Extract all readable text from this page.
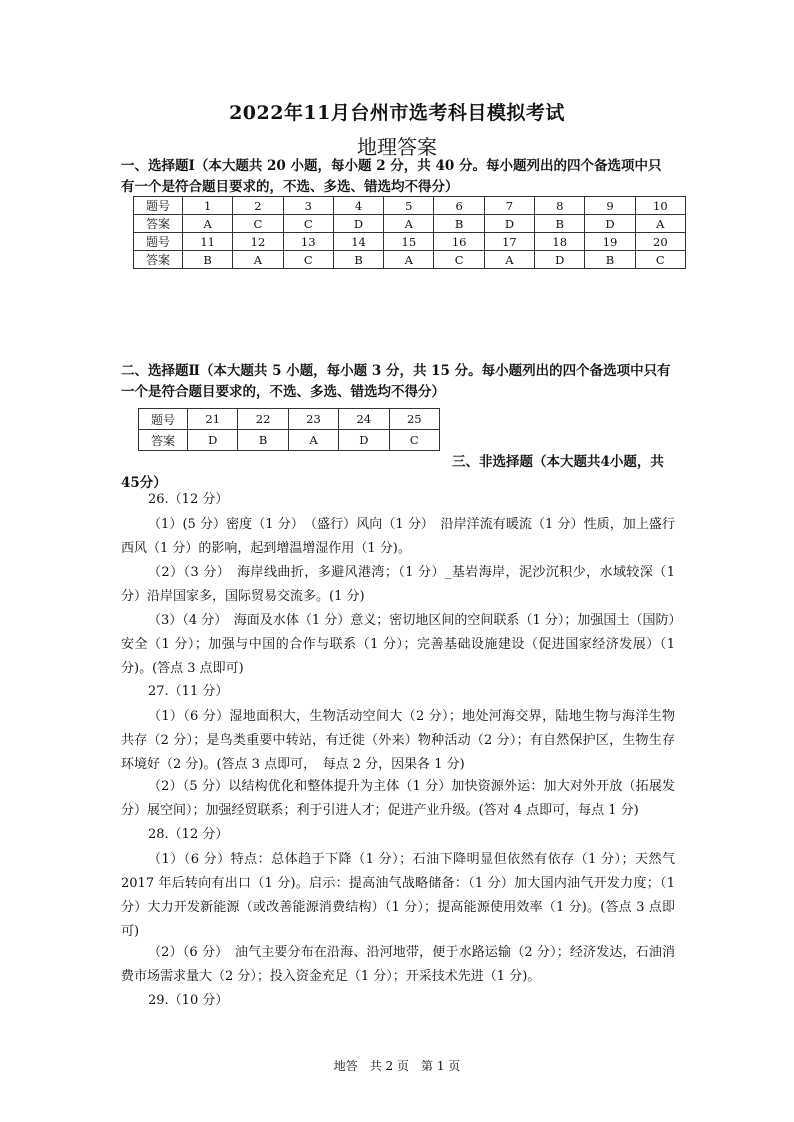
2022年11月台州市选考科目模拟考试
地理答案
一、选择题Ⅰ（本大题共 20 小题，每小题 2 分，共 40 分。每小题列出的四个备选项中只
有一个是符合题目要求的，不选、多选、错选均不得分）
题号	1	2	3	4	5	6	7	8	9	10
答案	A	C	C	D	A	B	D	B	D	A
题号	11	12	13	14	15	16	17	18	19	20
答案	B	A	C	B	A	C	A	D	B	C
二、选择题Ⅱ（本大题共 5 小题，每小题 3 分，共 15 分。每小题列出的四个备选项中只有
一个是符合题目要求的，不选、多选、错选均不得分）
题号	21	22	23	24	25
答案	D	B	A	D	C
三、非选择题（本大题共4小题，共
45分）
26.（12 分）
（1）(5 分）密度（1 分）　（盛行）风向（1 分）　沿岸洋流有暖流（1 分）性质，加上盛行西风（1 分）的影响，起到增温增湿作用（1 分)。
（2）（3 分）　海岸线曲折，多避风港湾；（1 分）_基岩海岸，泥沙沉积少，水域较深（1 分）沿岸国家多，国际贸易交流多。(1 分)
（3）（4 分）　海面及水体（1 分）意义；密切地区间的空间联系（1 分）；加强国土（国防）安全（1 分）；加强与中国的合作与联系（1 分）；完善基础设施建设（促进国家经济发展）（1 分)。(答点 3 点即可)
27.（11 分）
（1）（6 分）湿地面积大，生物活动空间大（2 分）；地处河海交界，陆地生物与海洋生物共存（2 分）；是鸟类重要中转站，有迁徙（外来）物种活动（2 分）；有自然保护区，生物生存环境好（2 分)。(答点 3 点即可，　每点 2 分，因果各 1 分)
（2）（5 分）以结构优化和整体提升为主体（1 分）加快资源外运：加大对外开放（拓展发分）展空间）；加强经贸联系；利于引进人才；促进产业升级。(答对 4 点即可，每点 1 分)
28.（12 分）
（1）（6 分）特点：总体趋于下降（1 分）；石油下降明显但依然有依存（1 分）；天然气 2017 年后转向有出口（1 分)。启示：提高油气战略储备：（1 分）加大国内油气开发力度；（1 分）大力开发新能源（或改善能源消费结构）（1 分）；提高能源使用效率（1 分)。(答点 3 点即可)
（2）（6 分）　油气主要分布在沿海、沿河地带，便于水路运输（2 分）；经济发达，石油消费市场需求量大（2 分）；投入资金充足（1 分）；开采技术先进（1 分)。
29.（10 分）
地答　共 2 页　第 1 页
